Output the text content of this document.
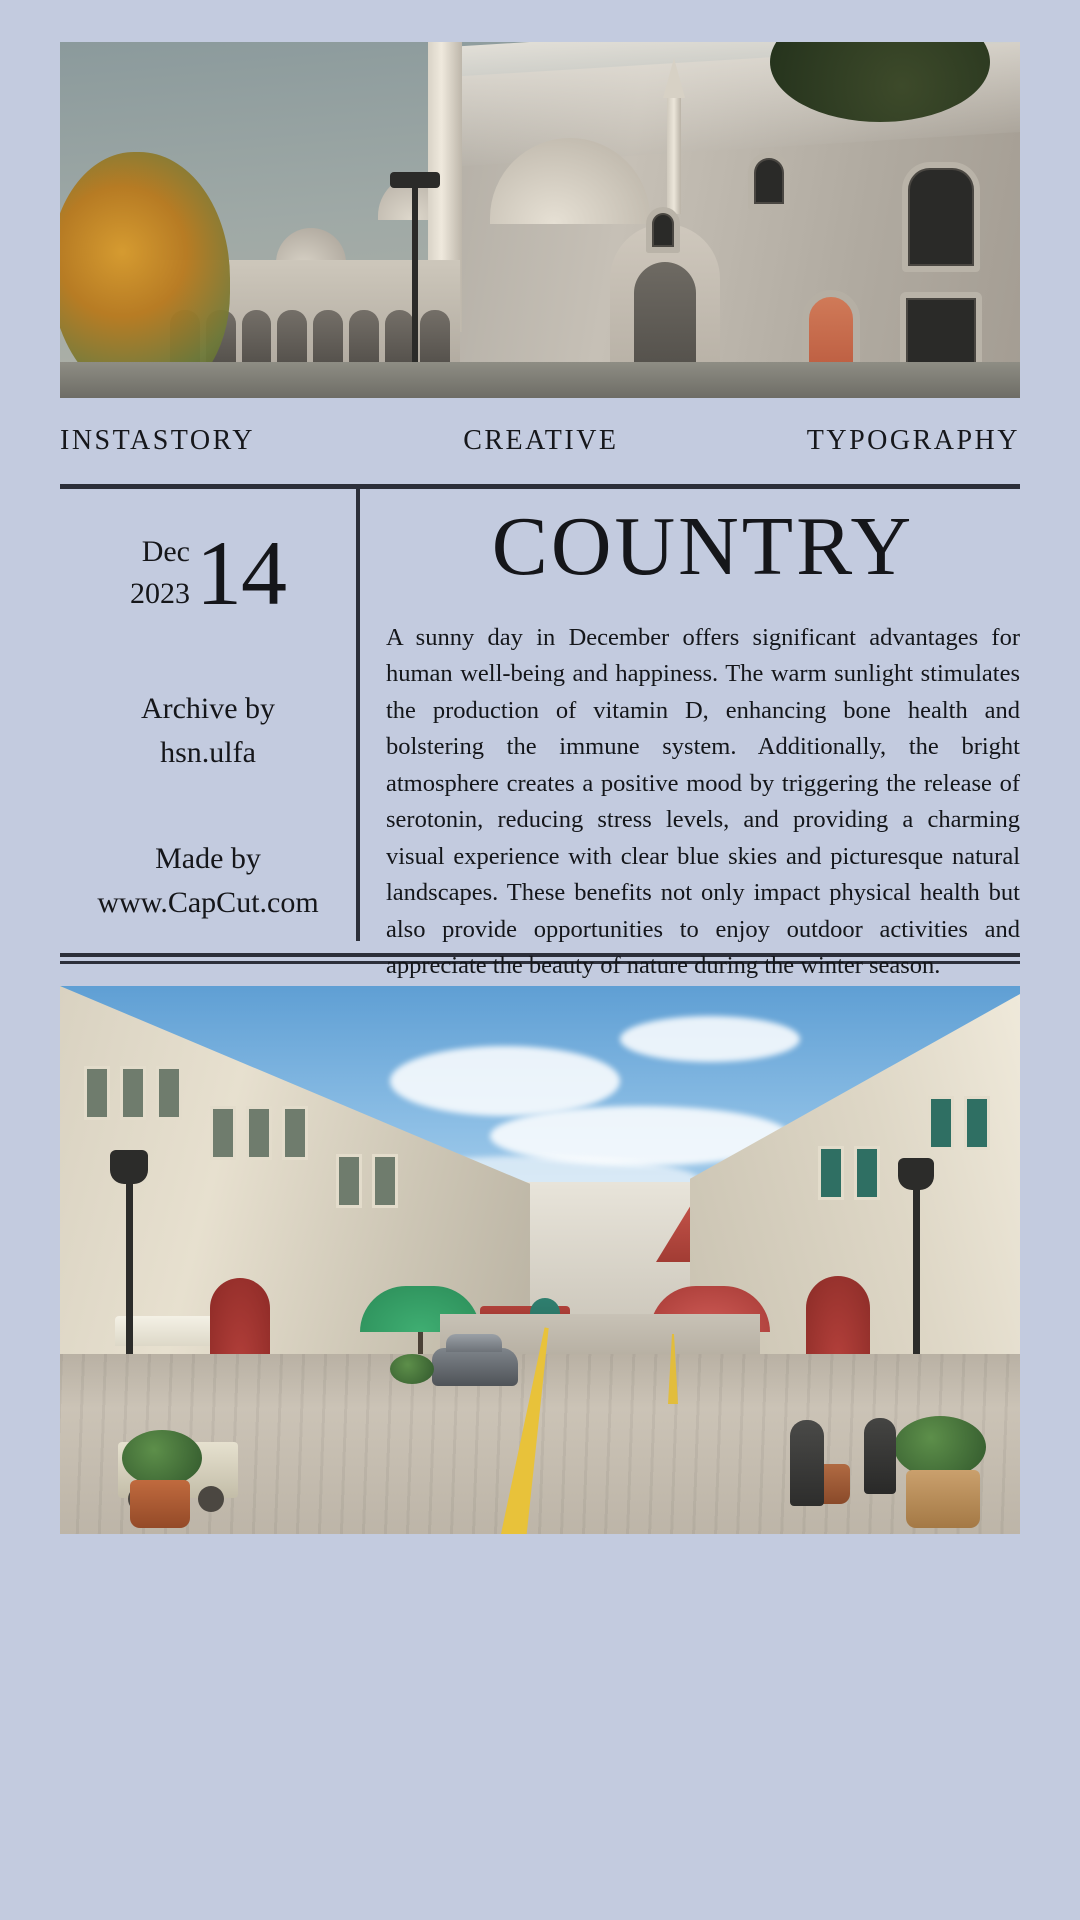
INSTASTORY	CREATIVE	TYPOGRAPHY
Dec
2023 14
Archive by
hsn.ulfa
Made by
www.CapCut.com
COUNTRY

A sunny day in December offers significant advantages for human well-being and happiness. The warm sunlight stimulates the production of vitamin D, enhancing bone health and bolstering the immune system. Additionally, the bright atmosphere creates a positive mood by triggering the release of serotonin, reducing stress levels, and providing a charming visual experience with clear blue skies and picturesque natural landscapes. These benefits not only impact physical health but also provide opportunities to enjoy outdoor activities and appreciate the beauty of nature during the winter season.
